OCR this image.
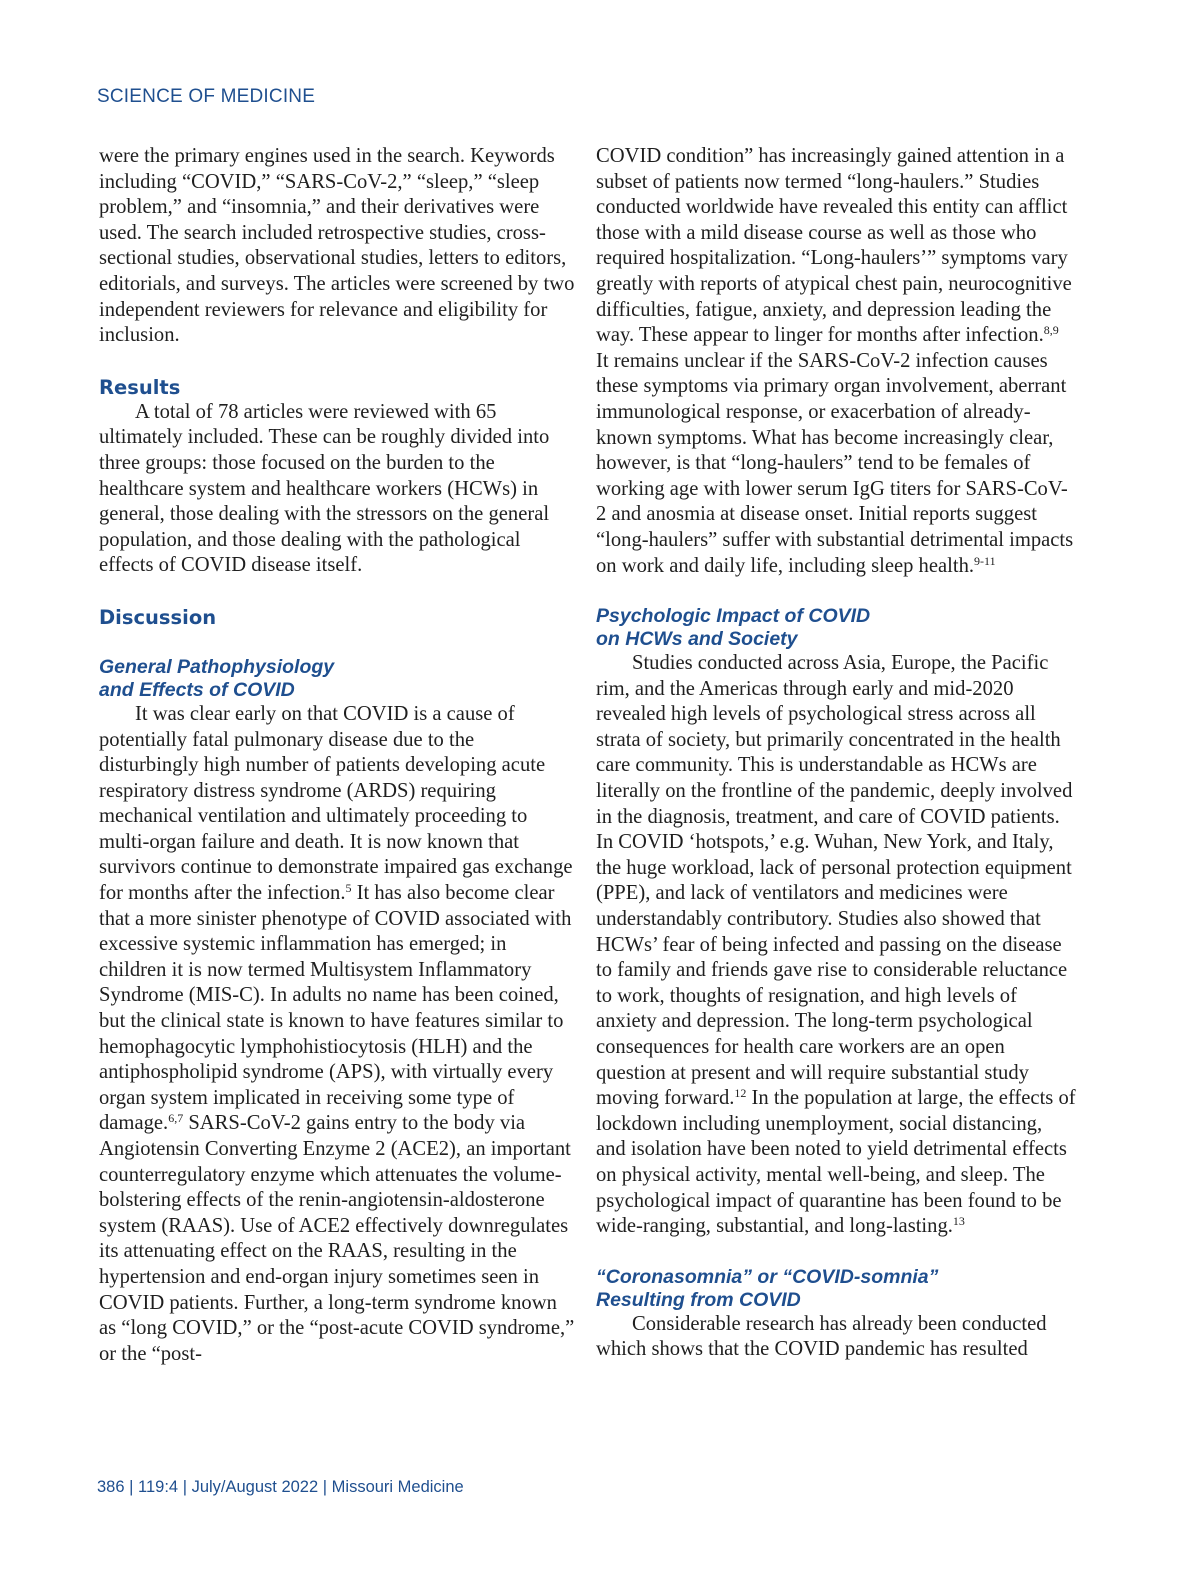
SCIENCE OF MEDICINE

were the primary engines used in the search. Keywords including “COVID,” “SARS-CoV-2,” “sleep,” “sleep problem,” and “insomnia,” and their derivatives were used. The search included retrospective studies, cross-sectional studies, observational studies, letters to editors, editorials, and surveys. The articles were screened by two independent reviewers for relevance and eligibility for inclusion.

Results

A total of 78 articles were reviewed with 65 ultimately included. These can be roughly divided into three groups: those focused on the burden to the healthcare system and healthcare workers (HCWs) in general, those dealing with the stressors on the general population, and those dealing with the pathological effects of COVID disease itself.

Discussion
General Pathophysiology
and Effects of COVID

It was clear early on that COVID is a cause of potentially fatal pulmonary disease due to the disturbingly high number of patients developing acute respiratory distress syndrome (ARDS) requiring mechanical ventilation and ultimately proceeding to multi-organ failure and death. It is now known that survivors continue to demonstrate impaired gas exchange for months after the infection.$^5$ It has also become clear that a more sinister phenotype of COVID associated with excessive systemic inflammation has emerged; in children it is now termed Multisystem Inflammatory Syndrome (MIS-C). In adults no name has been coined, but the clinical state is known to have features similar to hemophagocytic lymphohistiocytosis (HLH) and the antiphospholipid syndrome (APS), with virtually every organ system implicated in receiving some type of damage.$^{6,7}$ SARS-CoV-2 gains entry to the body via Angiotensin Converting Enzyme 2 (ACE2), an important counterregulatory enzyme which attenuates the volume-bolstering effects of the renin-angiotensin-aldosterone system (RAAS). Use of ACE2 effectively downregulates its attenuating effect on the RAAS, resulting in the hypertension and end-organ injury sometimes seen in COVID patients. Further, a long-term syndrome known as “long COVID,” or the “post-acute COVID syndrome,” or the “post-

COVID condition” has increasingly gained attention in a subset of patients now termed “long-haulers.” Studies conducted worldwide have revealed this entity can afflict those with a mild disease course as well as those who required hospitalization. “Long-haulers’” symptoms vary greatly with reports of atypical chest pain, neurocognitive difficulties, fatigue, anxiety, and depression leading the way. These appear to linger for months after infection.$^{8,9}$ It remains unclear if the SARS-CoV-2 infection causes these symptoms via primary organ involvement, aberrant immunological response, or exacerbation of already-known symptoms. What has become increasingly clear, however, is that “long-haulers” tend to be females of working age with lower serum IgG titers for SARS-CoV-2 and anosmia at disease onset. Initial reports suggest “long-haulers” suffer with substantial detrimental impacts on work and daily life, including sleep health.$^{9-11}$

Psychologic Impact of COVID
on HCWs and Society

Studies conducted across Asia, Europe, the Pacific rim, and the Americas through early and mid-2020 revealed high levels of psychological stress across all strata of society, but primarily concentrated in the health care community. This is understandable as HCWs are literally on the frontline of the pandemic, deeply involved in the diagnosis, treatment, and care of COVID patients. In COVID ‘hotspots,’ e.g. Wuhan, New York, and Italy, the huge workload, lack of personal protection equipment (PPE), and lack of ventilators and medicines were understandably contributory. Studies also showed that HCWs’ fear of being infected and passing on the disease to family and friends gave rise to considerable reluctance to work, thoughts of resignation, and high levels of anxiety and depression. The long-term psychological consequences for health care workers are an open question at present and will require substantial study moving forward.$^{12}$ In the population at large, the effects of lockdown including unemployment, social distancing, and isolation have been noted to yield detrimental effects on physical activity, mental well-being, and sleep. The psychological impact of quarantine has been found to be wide-ranging, substantial, and long-lasting.$^{13}$

“Coronasomnia” or “COVID-somnia”
Resulting from COVID

Considerable research has already been conducted which shows that the COVID pandemic has resulted

386 | 119:4 | July/August 2022 | Missouri Medicine
